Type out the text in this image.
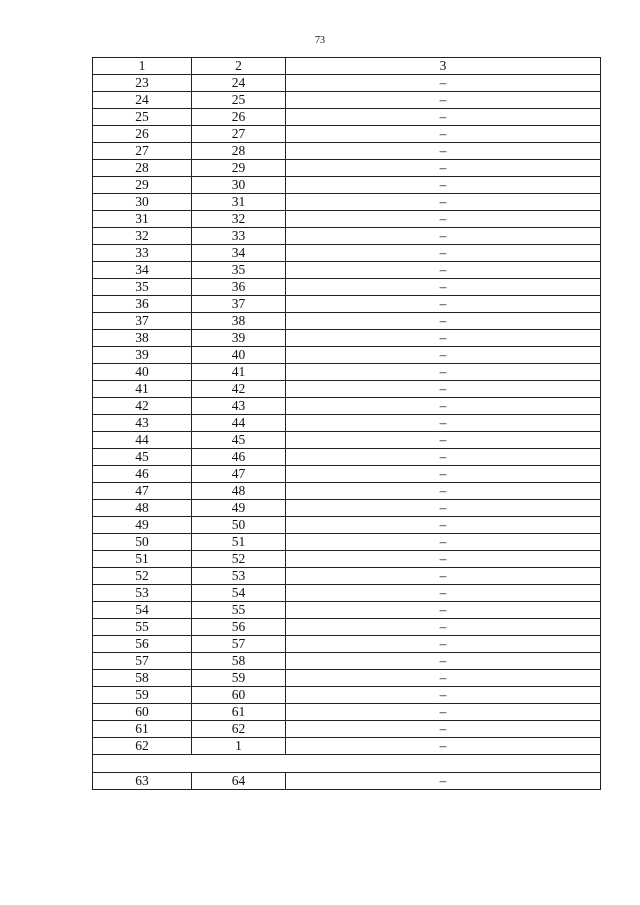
73
1	2	3
23	24	–
24	25	–
25	26	–
26	27	–
27	28	–
28	29	–
29	30	–
30	31	–
31	32	–
32	33	–
33	34	–
34	35	–
35	36	–
36	37	–
37	38	–
38	39	–
39	40	–
40	41	–
41	42	–
42	43	–
43	44	–
44	45	–
45	46	–
46	47	–
47	48	–
48	49	–
49	50	–
50	51	–
51	52	–
52	53	–
53	54	–
54	55	–
55	56	–
56	57	–
57	58	–
58	59	–
59	60	–
60	61	–
61	62	–
62	1	–

63	64	–
